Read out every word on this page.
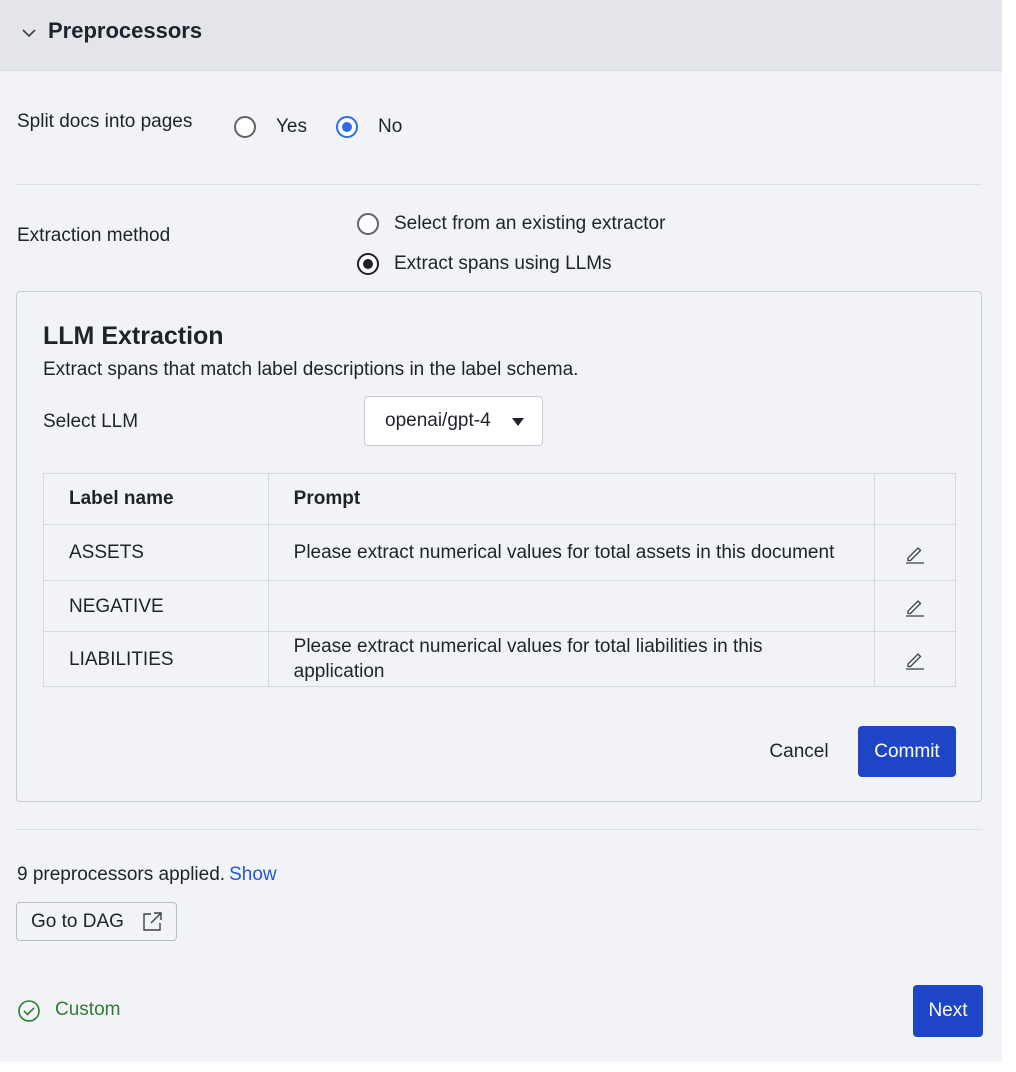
Preprocessors
Split docs into pages	Yes	No
Extraction method
Select from an existing extractor
Extract spans using LLMs
LLM Extraction
Extract spans that match label descriptions in the label schema.
Select LLM	openai/gpt-4
Label name	Prompt	
ASSETS	Please extract numerical values for total assets in this document	
NEGATIVE		
LIABILITIES	Please extract numerical values for total liabilities in this application	
Cancel	Commit
9 preprocessors applied. Show
Go to DAG
Custom	Next
